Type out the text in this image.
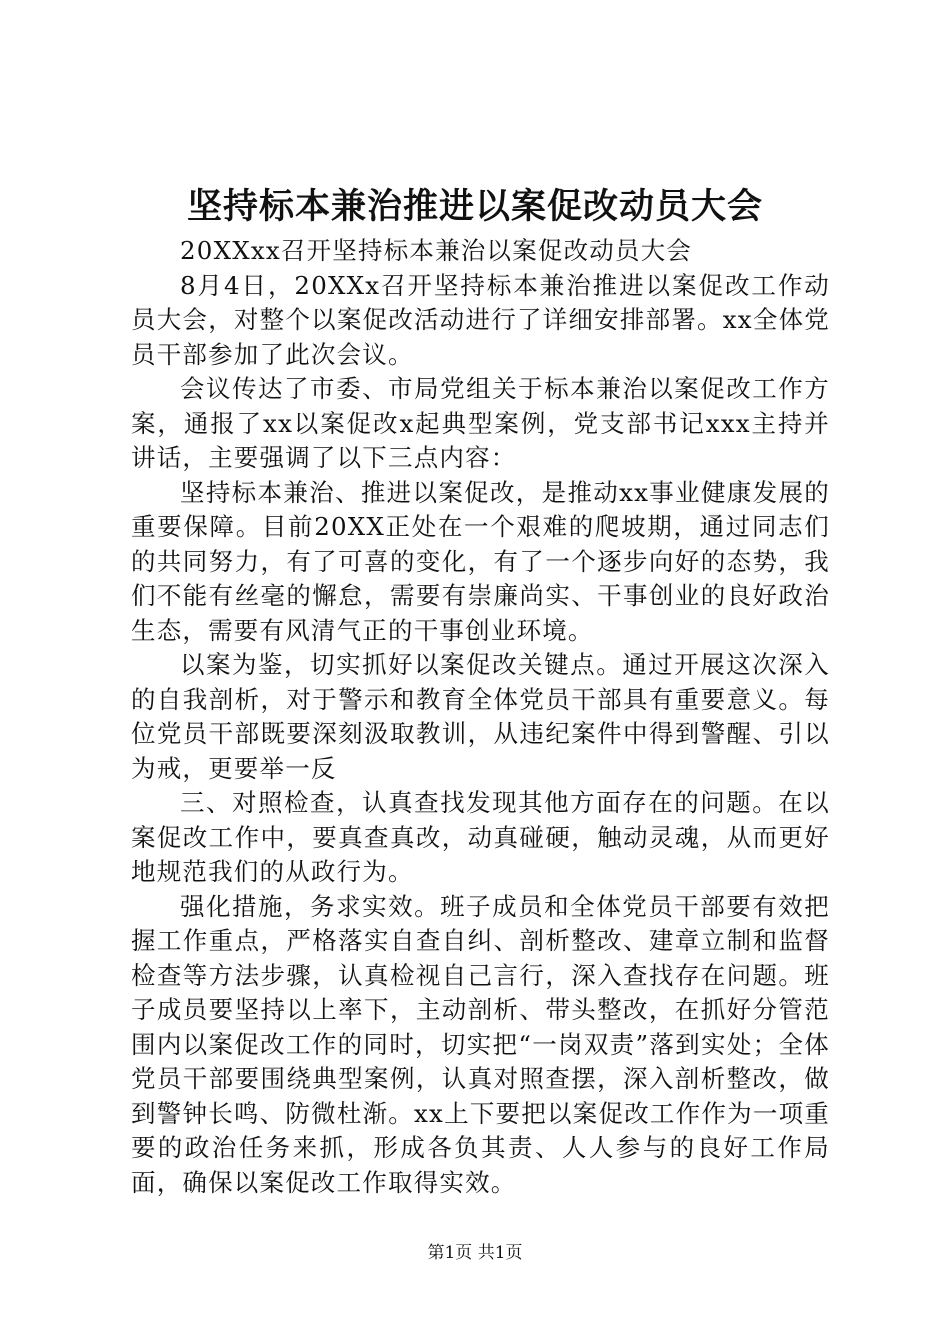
坚持标本兼治推进以案促改动员大会

20XXxx召开坚持标本兼治以案促改动员大会

8月4日，20XXx召开坚持标本兼治推进以案促改工作动员大会，对整个以案促改活动进行了详细安排部署。xx全体党员干部参加了此次会议。

会议传达了市委、市局党组关于标本兼治以案促改工作方案，通报了xx以案促改x起典型案例，党支部书记xxx主持并讲话，主要强调了以下三点内容：

坚持标本兼治、推进以案促改，是推动xx事业健康发展的重要保障。目前20XX正处在一个艰难的爬坡期，通过同志们的共同努力，有了可喜的变化，有了一个逐步向好的态势，我们不能有丝毫的懈怠，需要有崇廉尚实、干事创业的良好政治生态，需要有风清气正的干事创业环境。

以案为鉴，切实抓好以案促改关键点。通过开展这次深入的自我剖析，对于警示和教育全体党员干部具有重要意义。每位党员干部既要深刻汲取教训，从违纪案件中得到警醒、引以为戒，更要举一反

三、对照检查，认真查找发现其他方面存在的问题。在以案促改工作中，要真查真改，动真碰硬，触动灵魂，从而更好地规范我们的从政行为。

强化措施，务求实效。班子成员和全体党员干部要有效把握工作重点，严格落实自查自纠、剖析整改、建章立制和监督检查等方法步骤，认真检视自己言行，深入查找存在问题。班子成员要坚持以上率下，主动剖析、带头整改，在抓好分管范围内以案促改工作的同时，切实把“一岗双责”落到实处；全体党员干部要围绕典型案例，认真对照查摆，深入剖析整改，做到警钟长鸣、防微杜渐。xx上下要把以案促改工作作为一项重要的政治任务来抓，形成各负其责、人人参与的良好工作局面，确保以案促改工作取得实效。

第1页 共1页
